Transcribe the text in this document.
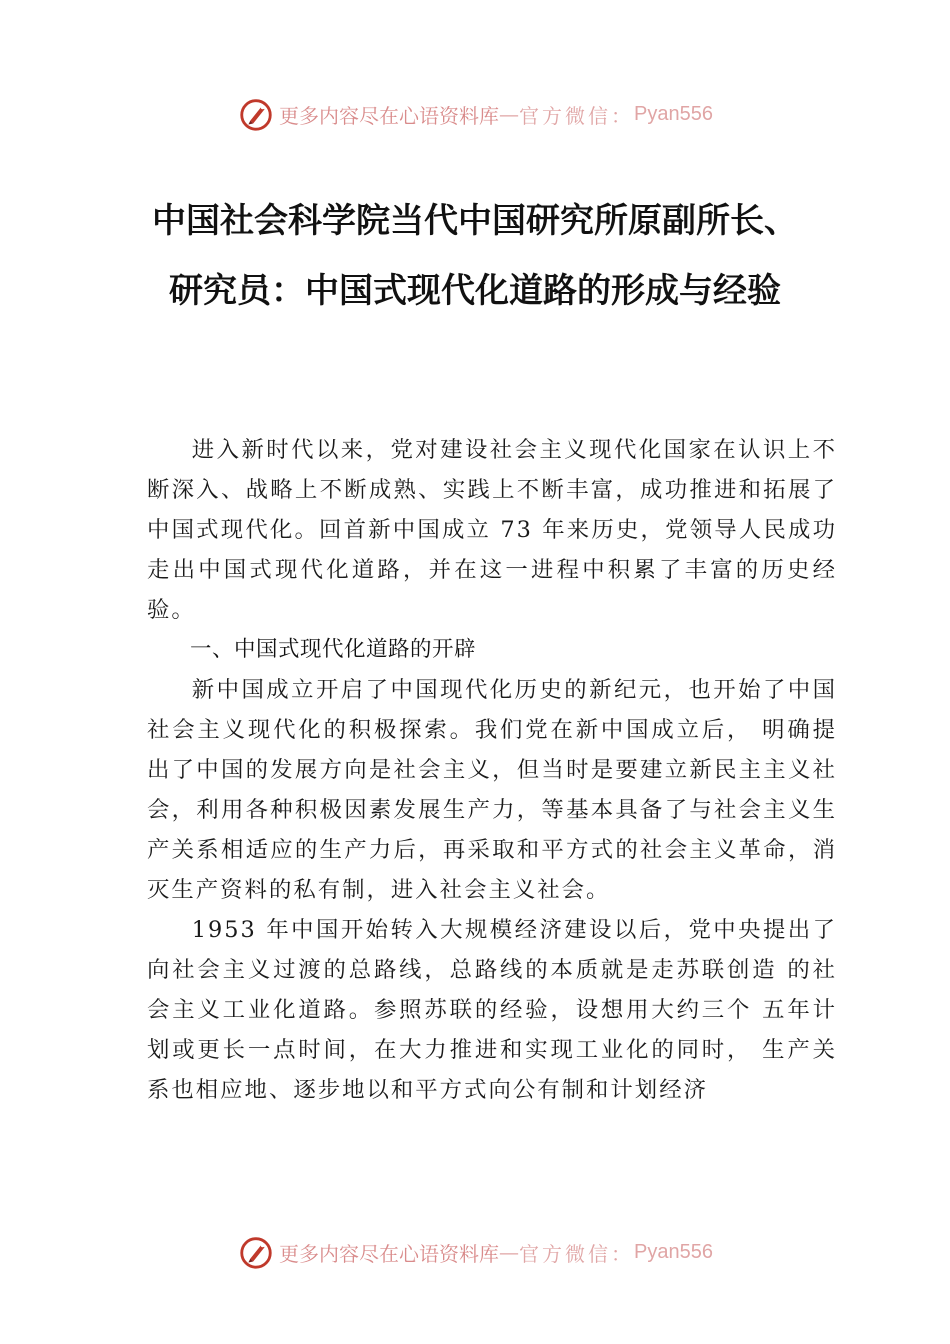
更多内容尽在心语资料库 — 官方微信： Pyan556
中国社会科学院当代中国研究所原副所长、研究员：中国式现代化道路的形成与经验

进入新时代以来，党对建设社会主义现代化国家在认识上不断深入、战略上不断成熟、实践上不断丰富，成功推进和拓展了中国式现代化。回首新中国成立 73 年来历史，党领导人民成功走出中国式现代化道路，并在这一进程中积累了丰富的历史经验。

一、中国式现代化道路的开辟

新中国成立开启了中国现代化历史的新纪元，也开始了中国社会主义现代化的积极探索。我们党在新中国成立后， 明确提出了中国的发展方向是社会主义，但当时是要建立新民主主义社会，利用各种积极因素发展生产力，等基本具备了与社会主义生产关系相适应的生产力后，再采取和平方式的社会主义革命，消灭生产资料的私有制，进入社会主义社会。

1953 年中国开始转入大规模经济建设以后，党中央提出了向社会主义过渡的总路线，总路线的本质就是走苏联创造 的社会主义工业化道路。参照苏联的经验，设想用大约三个 五年计划或更长一点时间，在大力推进和实现工业化的同时， 生产关系也相应地、逐步地以和平方式向公有制和计划经济

更多内容尽在心语资料库 — 官方微信： Pyan556
